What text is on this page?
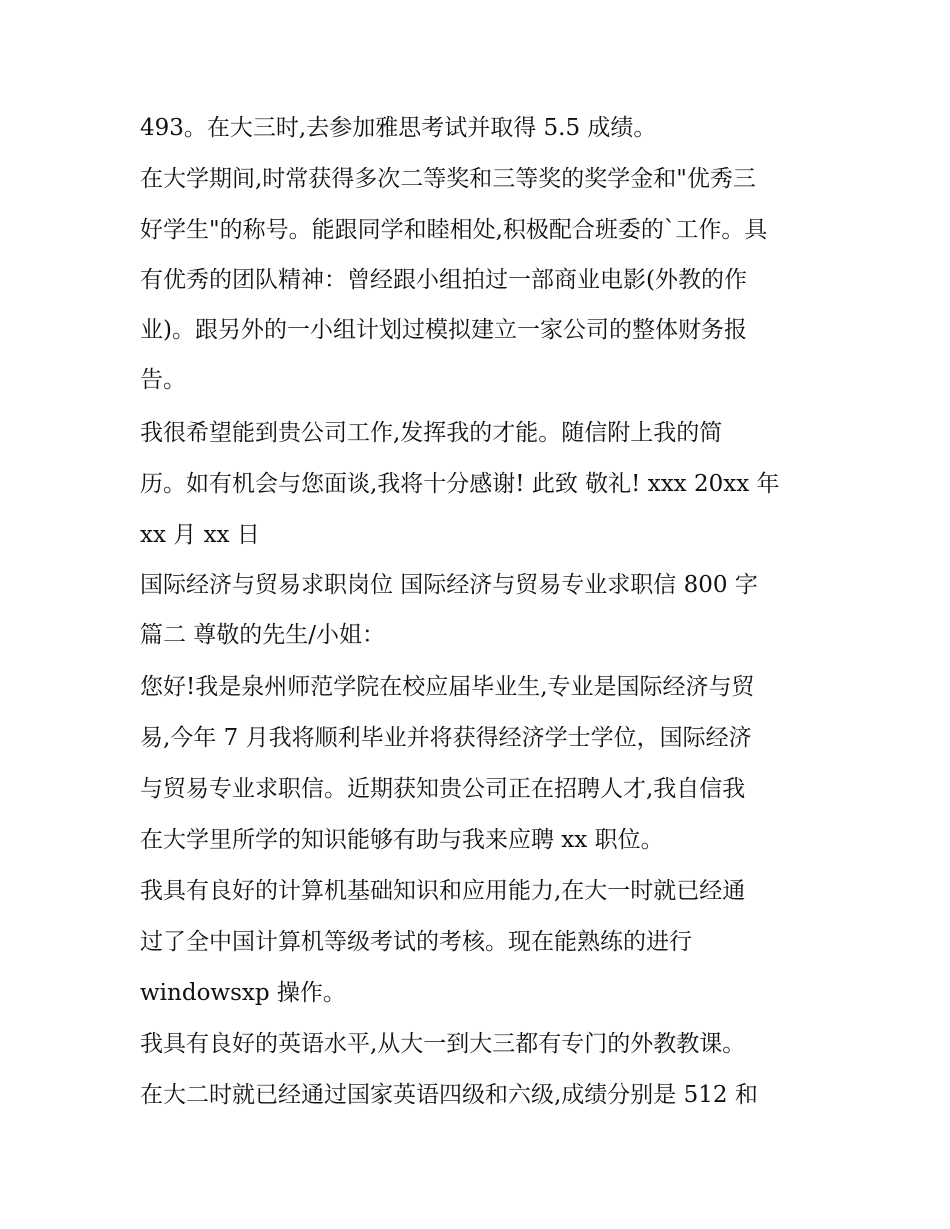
493。在大三时,去参加雅思考试并取得 5.5 成绩。
在大学期间,时常获得多次二等奖和三等奖的奖学金和"优秀三
好学生"的称号。能跟同学和睦相处,积极配合班委的`工作。具
有优秀的团队精神：曾经跟小组拍过一部商业电影(外教的作
业)。跟另外的一小组计划过模拟建立一家公司的整体财务报
告。
我很希望能到贵公司工作,发挥我的才能。随信附上我的简
历。如有机会与您面谈,我将十分感谢! 此致 敬礼! xxx 20xx 年
xx 月 xx 日
国际经济与贸易求职岗位 国际经济与贸易专业求职信 800 字
篇二 尊敬的先生/小姐：
您好!我是泉州师范学院在校应届毕业生,专业是国际经济与贸
易,今年 7 月我将顺利毕业并将获得经济学士学位，国际经济
与贸易专业求职信。近期获知贵公司正在招聘人才,我自信我
在大学里所学的知识能够有助与我来应聘 xx 职位。
我具有良好的计算机基础知识和应用能力,在大一时就已经通
过了全中国计算机等级考试的考核。现在能熟练的进行
windowsxp 操作。
我具有良好的英语水平,从大一到大三都有专门的外教教课。
在大二时就已经通过国家英语四级和六级,成绩分别是 512 和
